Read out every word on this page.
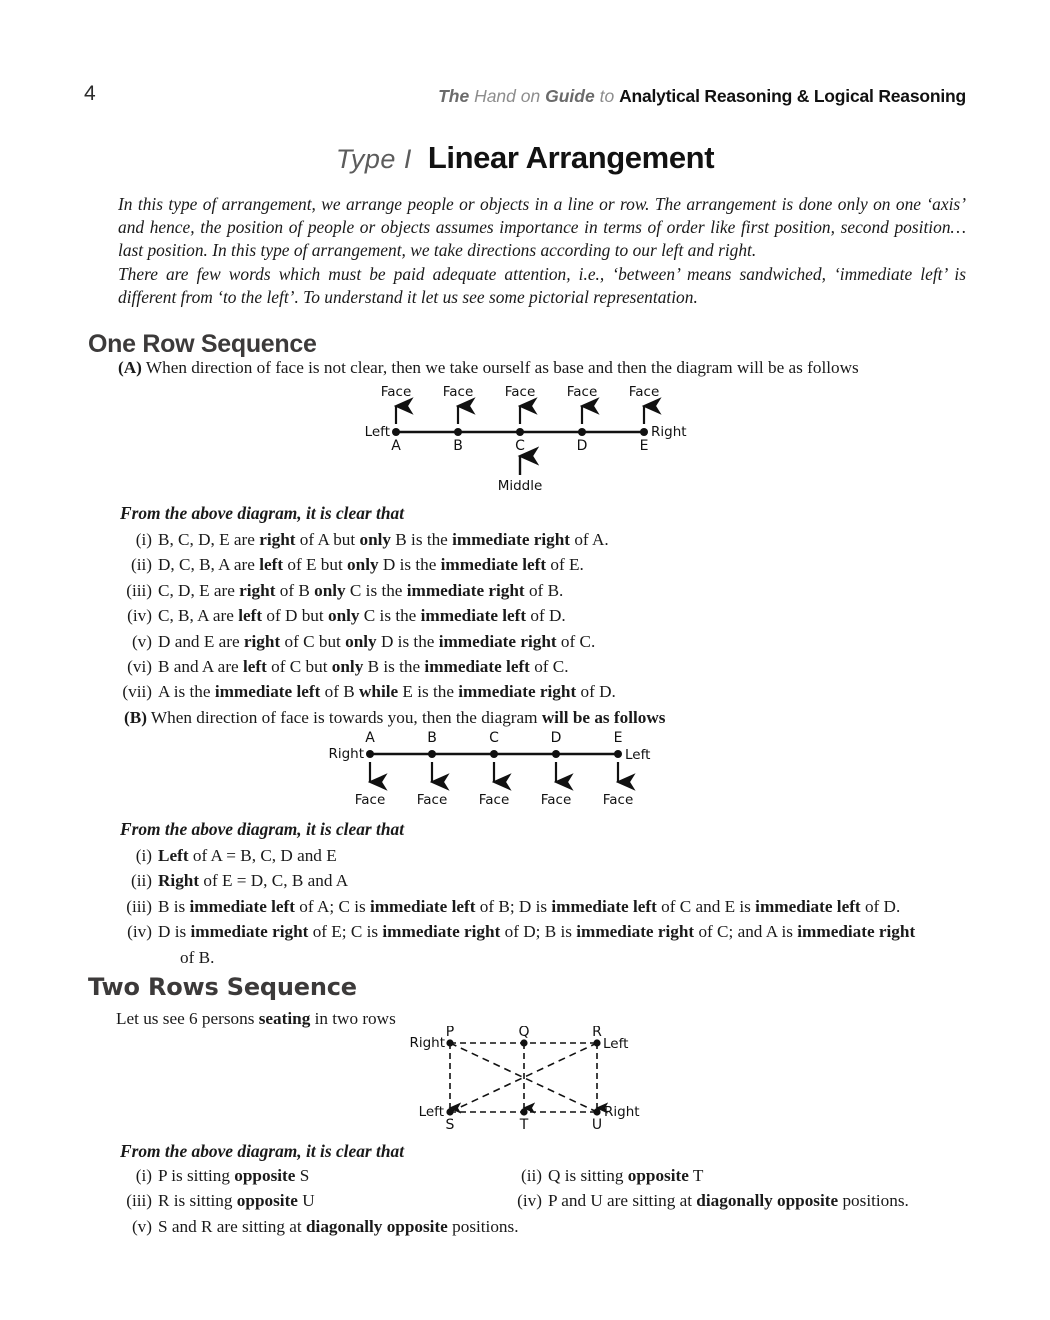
4	The Hand on Guide to Analytical Reasoning & Logical Reasoning
Type I Linear Arrangement

In this type of arrangement, we arrange people or objects in a line or row. The arrangement is done only on one ‘axis’ and hence, the position of people or objects assumes importance in terms of order like first position, second position… last position. In this type of arrangement, we take directions according to our left and right.

There are few words which must be paid adequate attention, i.e., ‘between’ means sandwiched, ‘immediate left’ is different from ‘to the left’. To understand it let us see some pictorial representation.

One Row Sequence
(A) When direction of face is not clear, then we take ourself as base and then the diagram will be as follows
Left	Right
Face
A
Face
B
Face
C
Middle
Face
D
Face
E
From the above diagram, it is clear that
(i) B, C, D, E are right of A but only B is the immediate right of A.
(ii) D, C, B, A are left of E but only D is the immediate left of E.
(iii) C, D, E are right of B only C is the immediate right of B.
(iv) C, B, A are left of D but only C is the immediate left of D.
(v) D and E are right of C but only D is the immediate right of C.
(vi) B and A are left of C but only B is the immediate left of C.
(vii) A is the immediate left of B while E is the immediate right of D.
(B) When direction of face is towards you, then the diagram will be as follows
Right	Left
A
Face
B
Face
C
Face
D
Face
E
Face
From the above diagram, it is clear that
(i) Left of A = B, C, D and E
(ii) Right of E = D, C, B and A
(iii) B is immediate left of A; C is immediate left of B; D is immediate left of C and E is immediate left of D.
(iv) D is immediate right of E; C is immediate right of D; B is immediate right of C; and A is immediate right
of B.
Two Rows Sequence
Let us see 6 persons seating in two rows
P	Q	R
S	T	U
Right	Left
Left	Right
From the above diagram, it is clear that
(i) P is sitting opposite S	(ii) Q is sitting opposite T
(iii) R is sitting opposite U	(iv) P and U are sitting at diagonally opposite positions.
(v) S and R are sitting at diagonally opposite positions.
